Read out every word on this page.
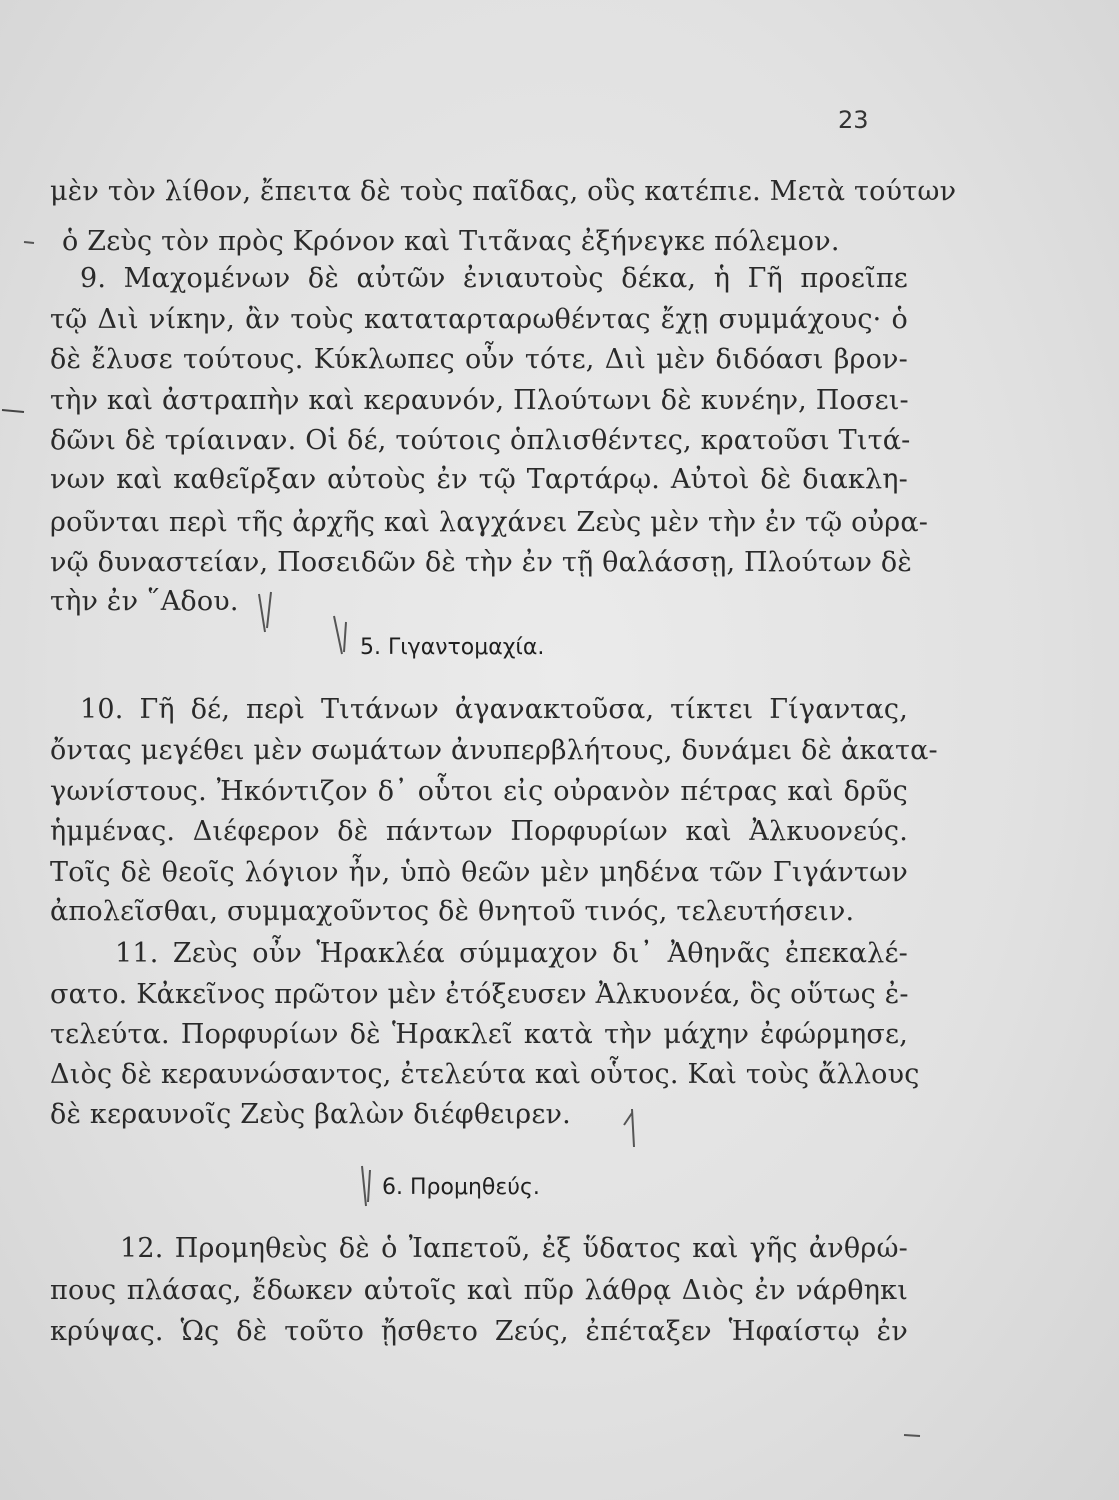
23
μὲν τὸν λίθον, ἔπειτα δὲ τοὺς παῖδας, οὓς κατέπιε. Μετὰ τούτων
ὁ Ζεὺς τὸν πρὸς Κρόνον καὶ Τιτᾶνας ἐξήνεγκε πόλεμον.
9. Μαχομένων δὲ αὐτῶν ἐνιαυτοὺς δέκα, ἡ Γῆ προεῖπε
τῷ Διὶ νίκην, ἂν τοὺς καταταρταρωθέντας ἔχῃ συμμάχους· ὁ
δὲ ἔλυσε τούτους. Κύκλωπες οὖν τότε, Διὶ μὲν διδόασι βρον-
τὴν καὶ ἀστραπὴν καὶ κεραυνόν, Πλούτωνι δὲ κυνέην, Ποσει-
δῶνι δὲ τρίαιναν. Οἱ δέ, τούτοις ὁπλισθέντες, κρατοῦσι Τιτά-
νων καὶ καθεῖρξαν αὐτοὺς ἐν τῷ Ταρτάρῳ. Αὐτοὶ δὲ διακλη-
ροῦνται περὶ τῆς ἀρχῆς καὶ λαγχάνει Ζεὺς μὲν τὴν ἐν τῷ οὐρα-
νῷ δυναστείαν, Ποσειδῶν δὲ τὴν ἐν τῇ θαλάσσῃ, Πλούτων δὲ
τὴν ἐν ῞Αδου.
5. Γιγαντομαχία.
10. Γῆ δέ, περὶ Τιτάνων ἀγανακτοῦσα, τίκτει Γίγαντας,
ὄντας μεγέθει μὲν σωμάτων ἀνυπερβλήτους, δυνάμει δὲ ἀκατα-
γωνίστους. Ἠκόντιζον δ᾽ οὗτοι εἰς οὐρανὸν πέτρας καὶ δρῦς
ἡμμένας. Διέφερον δὲ πάντων Πορφυρίων καὶ Ἀλκυονεύς.
Τοῖς δὲ θεοῖς λόγιον ἦν, ὑπὸ θεῶν μὲν μηδένα τῶν Γιγάντων
ἀπολεῖσθαι, συμμαχοῦντος δὲ θνητοῦ τινός, τελευτήσειν.
11. Ζεὺς οὖν Ἡρακλέα σύμμαχον δι᾽ Ἀθηνᾶς ἐπεκαλέ-
σατο. Κἀκεῖνος πρῶτον μὲν ἐτόξευσεν Ἀλκυονέα, ὃς οὕτως ἐ-
τελεύτα. Πορφυρίων δὲ Ἡρακλεῖ κατὰ τὴν μάχην ἐφώρμησε,
Διὸς δὲ κεραυνώσαντος, ἐτελεύτα καὶ οὗτος. Καὶ τοὺς ἄλλους
δὲ κεραυνοῖς Ζεὺς βαλὼν διέφθειρεν.
6. Προμηθεύς.
12. Προμηθεὺς δὲ ὁ Ἰαπετοῦ, ἐξ ὕδατος καὶ γῆς ἀνθρώ-
πους πλάσας, ἔδωκεν αὐτοῖς καὶ πῦρ λάθρᾳ Διὸς ἐν νάρθηκι
κρύψας. Ὡς δὲ τοῦτο ᾔσθετο Ζεύς, ἐπέταξεν Ἡφαίστῳ ἐν
